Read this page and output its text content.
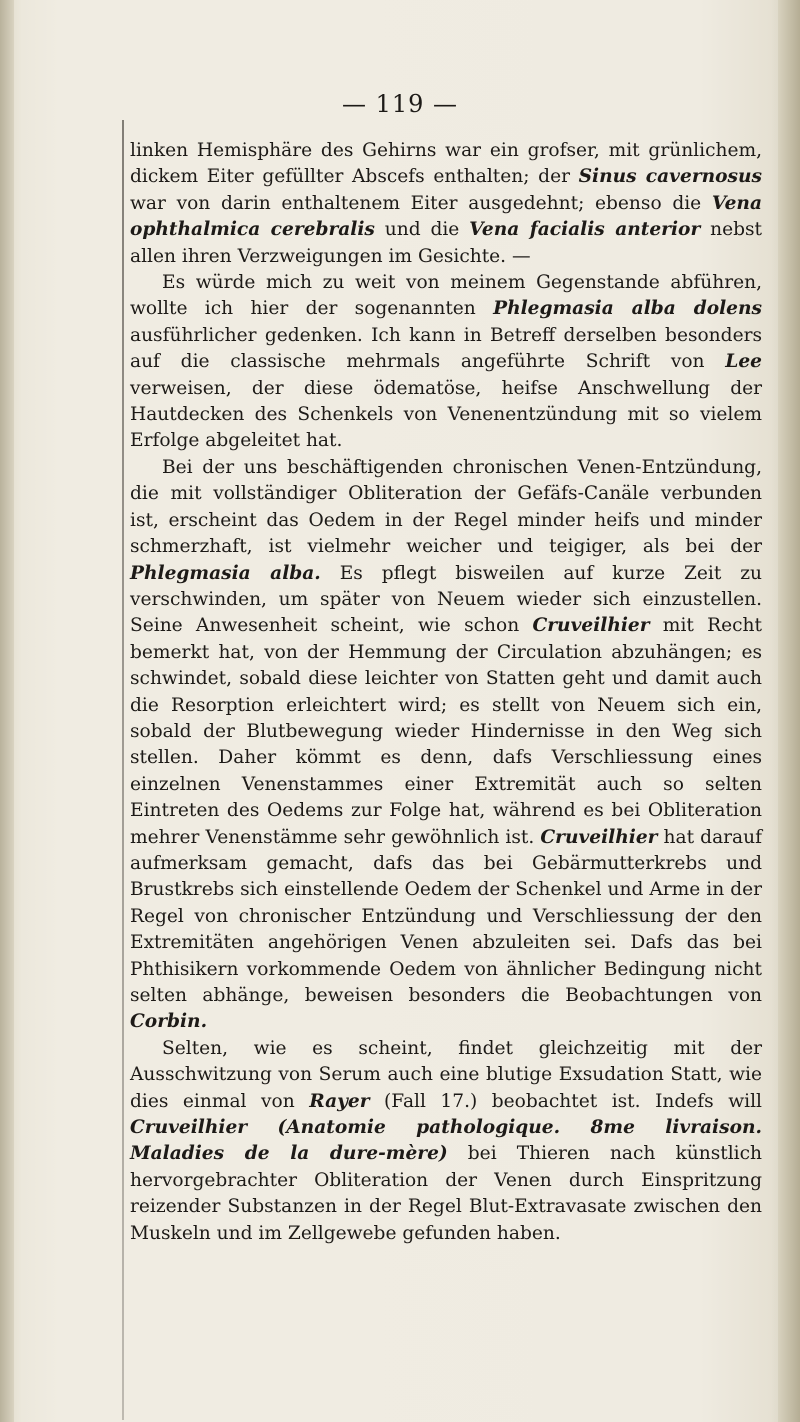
— 119 —

linken Hemisphäre des Gehirns war ein grofser, mit grünlichem, dickem Eiter gefüllter Abscefs enthalten; der Sinus cavernosus war von darin enthaltenem Eiter ausgedehnt; ebenso die Vena ophthalmica cerebralis und die Vena facialis anterior nebst allen ihren Verzweigungen im Gesichte. —

Es würde mich zu weit von meinem Gegenstande abführen, wollte ich hier der sogenannten Phlegmasia alba dolens ausführlicher gedenken. Ich kann in Betreff derselben besonders auf die classische mehrmals angeführte Schrift von Lee verweisen, der diese ödematöse, heifse Anschwellung der Hautdecken des Schenkels von Venenentzündung mit so vielem Erfolge abgeleitet hat.

Bei der uns beschäftigenden chronischen Venen-Entzündung, die mit vollständiger Obliteration der Gefäfs-Canäle verbunden ist, erscheint das Oedem in der Regel minder heifs und minder schmerzhaft, ist vielmehr weicher und teigiger, als bei der Phlegmasia alba. Es pflegt bisweilen auf kurze Zeit zu verschwinden, um später von Neuem wieder sich einzustellen. Seine Anwesenheit scheint, wie schon Cruveilhier mit Recht bemerkt hat, von der Hemmung der Circulation abzuhängen; es schwindet, sobald diese leichter von Statten geht und damit auch die Resorption erleichtert wird; es stellt von Neuem sich ein, sobald der Blutbewegung wieder Hindernisse in den Weg sich stellen. Daher kömmt es denn, dafs Verschliessung eines einzelnen Venenstammes einer Extremität auch so selten Eintreten des Oedems zur Folge hat, während es bei Obliteration mehrer Venenstämme sehr gewöhnlich ist. Cruveilhier hat darauf aufmerksam gemacht, dafs das bei Gebärmutterkrebs und Brustkrebs sich einstellende Oedem der Schenkel und Arme in der Regel von chronischer Entzündung und Verschliessung der den Extremitäten angehörigen Venen abzuleiten sei. Dafs das bei Phthisikern vorkommende Oedem von ähnlicher Bedingung nicht selten abhänge, beweisen besonders die Beobachtungen von Corbin.

Selten, wie es scheint, findet gleichzeitig mit der Ausschwitzung von Serum auch eine blutige Exsudation Statt, wie dies einmal von Rayer (Fall 17.) beobachtet ist. Indefs will Cruveilhier (Anatomie pathologique. 8me livraison. Maladies de la dure-mère) bei Thieren nach künstlich hervorgebrachter Obliteration der Venen durch Einspritzung reizender Substanzen in der Regel Blut-Extravasate zwischen den Muskeln und im Zellgewebe gefunden haben.
